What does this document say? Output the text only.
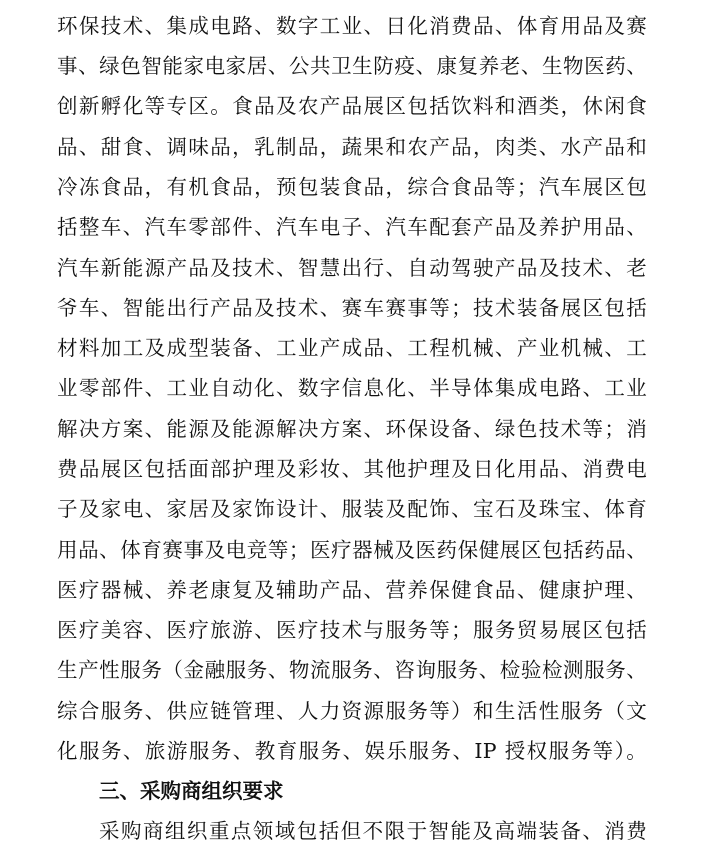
环保技术、集成电路、数字工业、日化消费品、体育用品及赛
事、绿色智能家电家居、公共卫生防疫、康复养老、生物医药、
创新孵化等专区。食品及农产品展区包括饮料和酒类，休闲食
品、甜食、调味品，乳制品，蔬果和农产品，肉类、水产品和
冷冻食品，有机食品，预包装食品，综合食品等；汽车展区包
括整车、汽车零部件、汽车电子、汽车配套产品及养护用品、
汽车新能源产品及技术、智慧出行、自动驾驶产品及技术、老
爷车、智能出行产品及技术、赛车赛事等；技术装备展区包括
材料加工及成型装备、工业产成品、工程机械、产业机械、工
业零部件、工业自动化、数字信息化、半导体集成电路、工业
解决方案、能源及能源解决方案、环保设备、绿色技术等；消
费品展区包括面部护理及彩妆、其他护理及日化用品、消费电
子及家电、家居及家饰设计、服装及配饰、宝石及珠宝、体育
用品、体育赛事及电竞等；医疗器械及医药保健展区包括药品、
医疗器械、养老康复及辅助产品、营养保健食品、健康护理、
医疗美容、医疗旅游、医疗技术与服务等；服务贸易展区包括
生产性服务（金融服务、物流服务、咨询服务、检验检测服务、
综合服务、供应链管理、人力资源服务等）和生活性服务（文
化服务、旅游服务、教育服务、娱乐服务、IP 授权服务等）。
三、采购商组织要求
采购商组织重点领域包括但不限于智能及高端装备、消费
